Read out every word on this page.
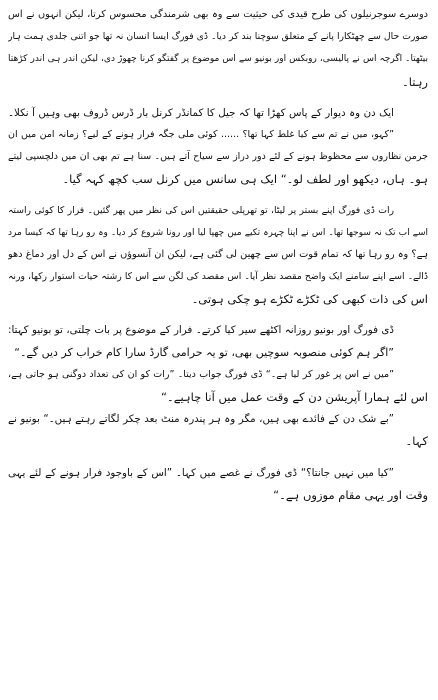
دوسرے سوجرنیلوں کی طرح قیدی کی حیثیت سے وہ بھی شرمندگی محسوس کرتا، لیکن انہوں نے اس
صورت حال سے چھٹکارا پانے کے متعلق سوچنا بند کر دیا۔ ڈی فورگ ایسا انسان نہ تھا جو اتنی جلدی ہمت ہار
بیٹھتا۔ اگرچہ اس نے پالیسی، روبکس اور بونیو سے اس موضوع پر گفتگو کرنا چھوڑ دی، لیکن اندر ہی اندر کڑھتا
رہتا۔
ایک دن وہ دیوار کے پاس کھڑا تھا کہ جیل کا کمانڈر کرنل بار ڈرس ڈروف بھی وہیں آ نکلا۔
”کہو، میں نے تم سے کیا غلط کہا تھا؟ ...... کوئی ملی جگہ فرار ہونے کے لیے؟ زمانہ امن میں ان
جرمن نظاروں سے محظوظ ہونے کے لئے دور دراز سے سیاح آتے ہیں۔ سنا ہے تم بھی ان میں دلچسپی لیتے
ہو۔ ہاں، دیکھو اور لطف لو۔“ ایک ہی سانس میں کرنل سب کچھ کہہ گیا۔
رات ڈی فورگ اپنے بستر پر لیٹا، تو تھرپلی حقیقتیں اس کی نظر میں پھر گئیں۔ فرار کا کوئی راستہ
اسے اب تک نہ سوجھا تھا۔ اس نے اپنا چہرہ تکیے میں چھپا لیا اور رونا شروع کر دیا۔ وہ رو رہا تھا کہ کیسا مرد
ہے؟ وہ رو رہا تھا کہ تمام قوت اس سے چھین لی گئی ہے، لیکن ان آنسوؤں نے اس کے دل اور دماغ دھو
ڈالے۔ اسے اپنے سامنے ایک واضح مقصد نظر آیا۔ اس مقصد کی لگن سے اس کا رشتہ حیات استوار رکھا، ورنہ
اس کی ذات کبھی کی ٹکڑے ٹکڑے ہو چکی ہوتی۔
ڈی فورگ اور بونیو روزانہ اکٹھے سیر کیا کرتے۔ فرار کے موضوع پر بات چلتی، تو بونیو کہتا:
”اگر ہم کوئی منصوبہ سوچیں بھی، تو یہ حرامی گارڈ سارا کام خراب کر دیں گے۔“
”میں نے اس پر غور کر لیا ہے۔“ ڈی فورگ جواب دیتا۔ ”رات کو ان کی تعداد دوگنی ہو جاتی ہے،
اس لئے ہمارا آپریشن دن کے وقت عمل میں آنا چاہیے۔“
”بے شک دن کے فائدے بھی ہیں، مگر وہ ہر پندرہ منٹ بعد چکر لگاتے رہتے ہیں۔“ بونیو نے
کہا۔
”کیا میں نہیں جانتا؟“ ڈی فورگ نے غصے میں کہا۔ ”اس کے باوجود فرار ہونے کے لئے یہی
وقت اور یہی مقام موزوں ہے۔“
